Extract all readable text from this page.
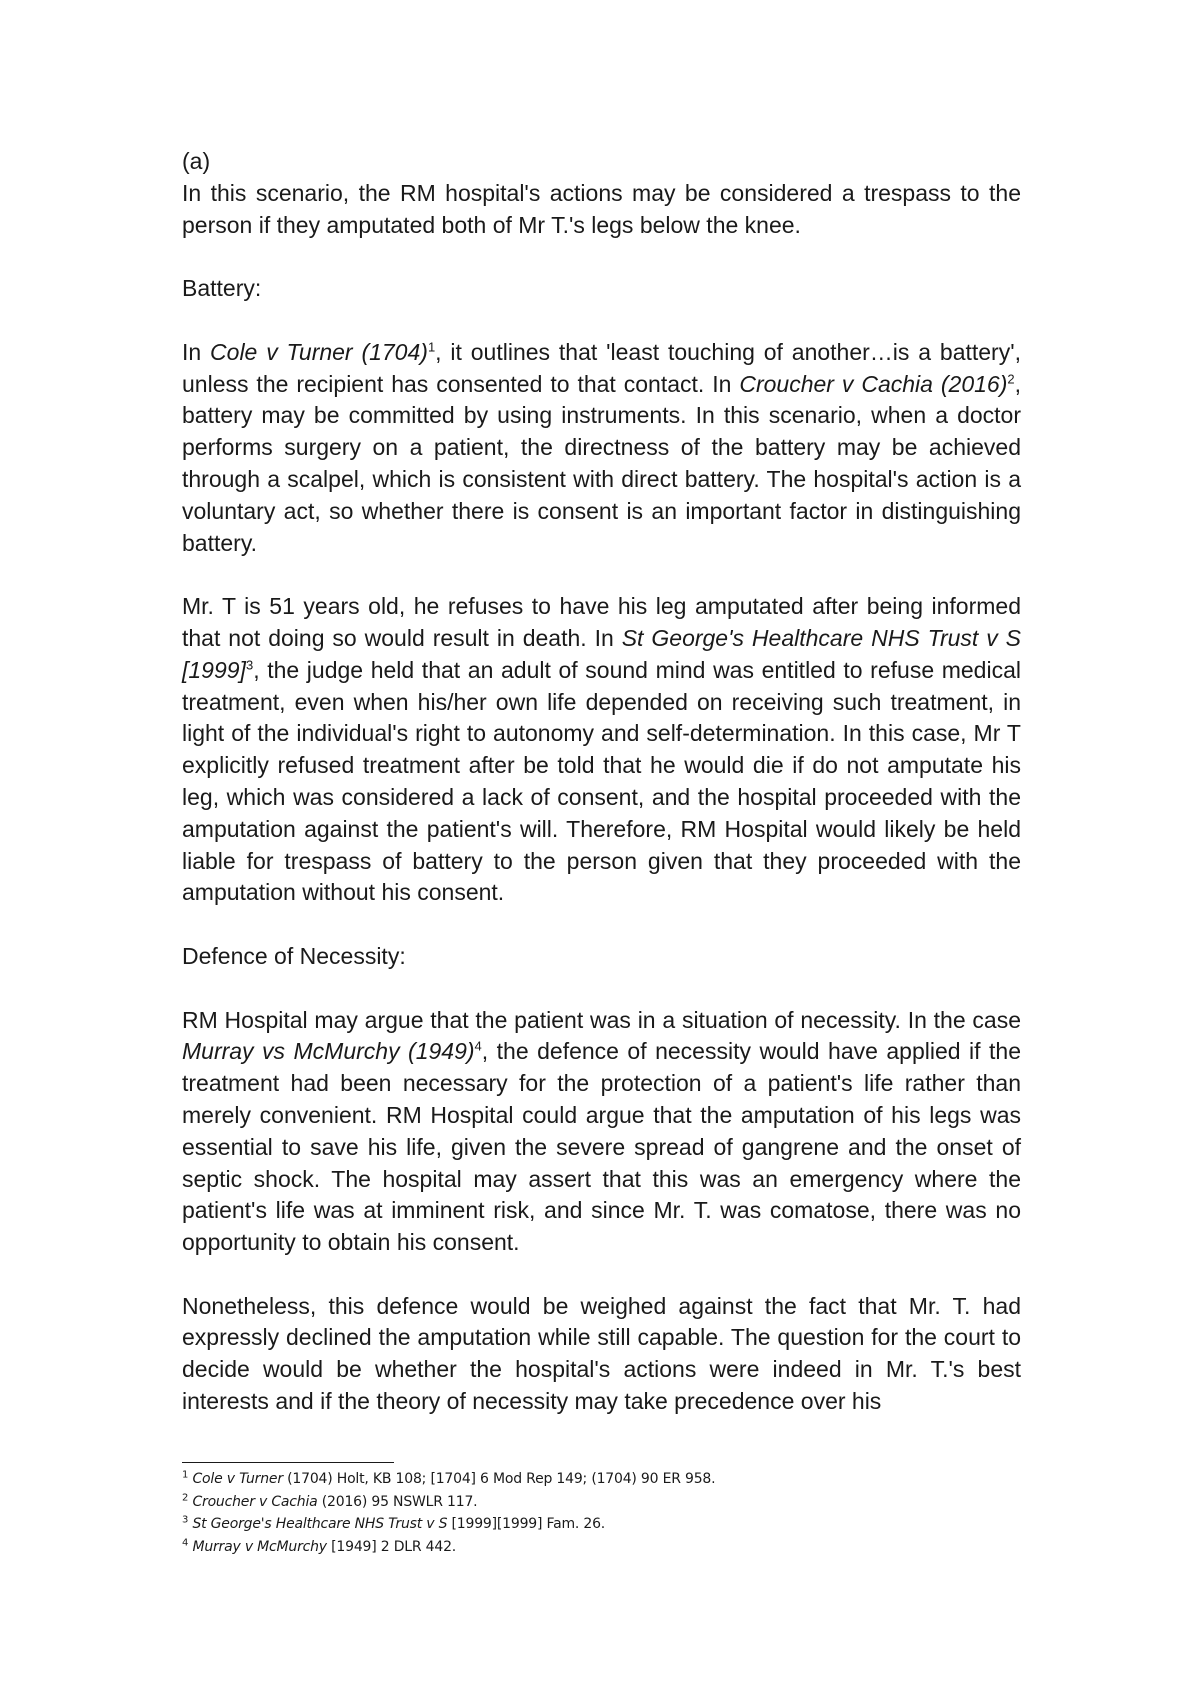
(a)

In this scenario, the RM hospital's actions may be considered a trespass to the person if they amputated both of Mr T.'s legs below the knee.

Battery:

In Cole v Turner $(1704)^1$, it outlines that 'least touching of another…is a battery', unless the recipient has consented to that contact. In Croucher v Cachia $(2016)^2$, battery may be committed by using instruments. In this scenario, when a doctor performs surgery on a patient, the directness of the battery may be achieved through a scalpel, which is consistent with direct battery. The hospital's action is a voluntary act, so whether there is consent is an important factor in distinguishing battery.

Mr. T is 51 years old, he refuses to have his leg amputated after being informed that not doing so would result in death. In St George's Healthcare NHS Trust v S $[1999]^3$, the judge held that an adult of sound mind was entitled to refuse medical treatment, even when his/her own life depended on receiving such treatment, in light of the individual's right to autonomy and self-determination. In this case, Mr T explicitly refused treatment after be told that he would die if do not amputate his leg, which was considered a lack of consent, and the hospital proceeded with the amputation against the patient's will. Therefore, RM Hospital would likely be held liable for trespass of battery to the person given that they proceeded with the amputation without his consent.

Defence of Necessity:

RM Hospital may argue that the patient was in a situation of necessity. In the case Murray vs McMurchy $(1949)^4$, the defence of necessity would have applied if the treatment had been necessary for the protection of a patient's life rather than merely convenient. RM Hospital could argue that the amputation of his legs was essential to save his life, given the severe spread of gangrene and the onset of septic shock. The hospital may assert that this was an emergency where the patient's life was at imminent risk, and since Mr. T. was comatose, there was no opportunity to obtain his consent.

Nonetheless, this defence would be weighed against the fact that Mr. T. had expressly declined the amputation while still capable. The question for the court to decide would be whether the hospital's actions were indeed in Mr. T.'s best interests and if the theory of necessity may take precedence over his

$^1$ Cole v Turner (1704) Holt, KB 108; [1704] 6 Mod Rep 149; (1704) 90 ER 958.
$^2$ Croucher v Cachia (2016) 95 NSWLR 117.
$^3$ St George's Healthcare NHS Trust v S [1999][1999] Fam. 26.
$^4$ Murray v McMurchy [1949] 2 DLR 442.
